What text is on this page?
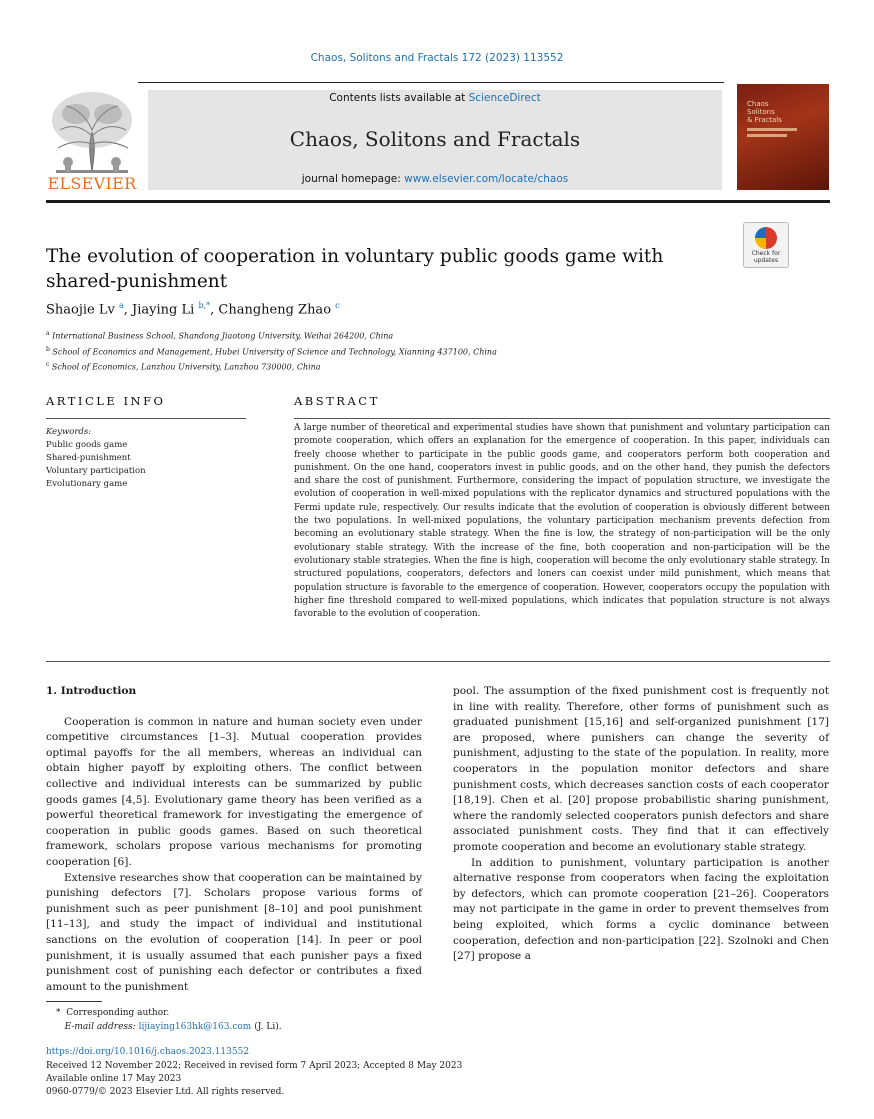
Chaos, Solitons and Fractals 172 (2023) 113552
ELSEVIER
Contents lists available at ScienceDirect
Chaos, Solitons and Fractals
journal homepage: www.elsevier.com/locate/chaos
Chaos
Solitons
& Fractals
The evolution of cooperation in voluntary public goods game with shared-punishment
Check for updates
Shaojie Lv $^a$, Jiaying Li $^{b,*}$, Changheng Zhao $^c$
$^a$ International Business School, Shandong Jiaotong University, Weihai 264200, China
$^b$ School of Economics and Management, Hubei University of Science and Technology, Xianning 437100, China
$^c$ School of Economics, Lanzhou University, Lanzhou 730000, China
ARTICLE INFO	ABSTRACT
Keywords:
Public goods game
Shared-punishment
Voluntary participation
Evolutionary game
A large number of theoretical and experimental studies have shown that punishment and voluntary participation can promote cooperation, which offers an explanation for the emergence of cooperation. In this paper, individuals can freely choose whether to participate in the public goods game, and cooperators perform both cooperation and punishment. On the one hand, cooperators invest in public goods, and on the other hand, they punish the defectors and share the cost of punishment. Furthermore, considering the impact of population structure, we investigate the evolution of cooperation in well-mixed populations with the replicator dynamics and structured populations with the Fermi update rule, respectively. Our results indicate that the evolution of cooperation is obviously different between the two populations. In well-mixed populations, the voluntary participation mechanism prevents defection from becoming an evolutionary stable strategy. When the fine is low, the strategy of non-participation will be the only evolutionary stable strategy. With the increase of the fine, both cooperation and non-participation will be the evolutionary stable strategies. When the fine is high, cooperation will become the only evolutionary stable strategy. In structured populations, cooperators, defectors and loners can coexist under mild punishment, which means that population structure is favorable to the emergence of cooperation. However, cooperators occupy the population with higher fine threshold compared to well-mixed populations, which indicates that population structure is not always favorable to the evolution of cooperation.
1. Introduction

Cooperation is common in nature and human society even under competitive circumstances [1–3]. Mutual cooperation provides optimal payoffs for the all members, whereas an individual can obtain higher payoff by exploiting others. The conflict between collective and individual interests can be summarized by public goods games [4,5]. Evolutionary game theory has been verified as a powerful theoretical framework for investigating the emergence of cooperation in public goods games. Based on such theoretical framework, scholars propose various mechanisms for promoting cooperation [6].

Extensive researches show that cooperation can be maintained by punishing defectors [7]. Scholars propose various forms of punishment such as peer punishment [8–10] and pool punishment [11–13], and study the impact of individual and institutional sanctions on the evolution of cooperation [14]. In peer or pool punishment, it is usually assumed that each punisher pays a fixed punishment cost of punishing each defector or contributes a fixed amount to the punishment

pool. The assumption of the fixed punishment cost is frequently not in line with reality. Therefore, other forms of punishment such as graduated punishment [15,16] and self-organized punishment [17] are proposed, where punishers can change the severity of punishment, adjusting to the state of the population. In reality, more cooperators in the population monitor defectors and share punishment costs, which decreases sanction costs of each cooperator [18,19]. Chen et al. [20] propose probabilistic sharing punishment, where the randomly selected cooperators punish defectors and share associated punishment costs. They find that it can effectively promote cooperation and become an evolutionary stable strategy.

In addition to punishment, voluntary participation is another alternative response from cooperators when facing the exploitation by defectors, which can promote cooperation [21–26]. Cooperators may not participate in the game in order to prevent themselves from being exploited, which forms a cyclic dominance between cooperation, defection and non-participation [22]. Szolnoki and Chen [27] propose a

* Corresponding author.
E-mail address: lijiaying163hk@163.com (J. Li).
https://doi.org/10.1016/j.chaos.2023.113552
Received 12 November 2022; Received in revised form 7 April 2023; Accepted 8 May 2023
Available online 17 May 2023
0960-0779/© 2023 Elsevier Ltd. All rights reserved.
